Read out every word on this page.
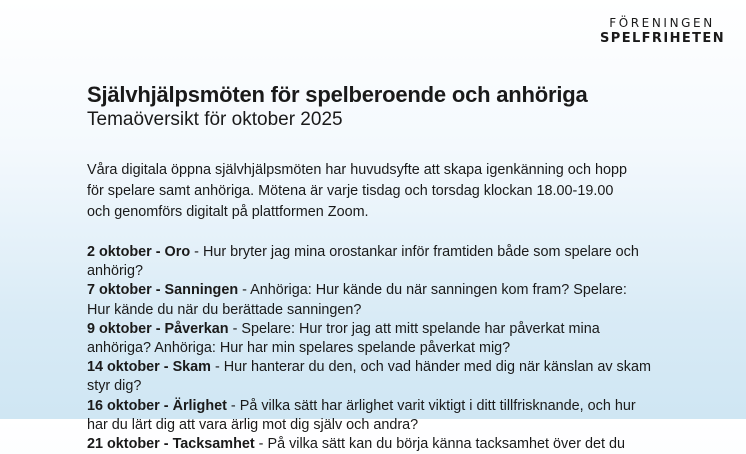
FÖRENINGEN
SPELFRIHETEN
Självhjälpsmöten för spelberoende och anhöriga
Temaöversikt för oktober 2025

Våra digitala öppna självhjälpsmöten har huvudsyfte att skapa igenkänning och hopp

för spelare samt anhöriga. Mötena är varje tisdag och torsdag klockan 18.00-19.00

och genomförs digitalt på plattformen Zoom.

2 oktober - Oro - Hur bryter jag mina orostankar inför framtiden både som spelare och
anhörig?
7 oktober - Sanningen - Anhöriga: Hur kände du när sanningen kom fram? Spelare:
Hur kände du när du berättade sanningen?
9 oktober - Påverkan - Spelare: Hur tror jag att mitt spelande har påverkat mina
anhöriga? Anhöriga: Hur har min spelares spelande påverkat mig?
14 oktober - Skam - Hur hanterar du den, och vad händer med dig när känslan av skam
styr dig?
16 oktober - Ärlighet - På vilka sätt har ärlighet varit viktigt i ditt tillfrisknande, och hur
har du lärt dig att vara ärlig mot dig själv och andra?
21 oktober - Tacksamhet - På vilka sätt kan du börja känna tacksamhet över det du
